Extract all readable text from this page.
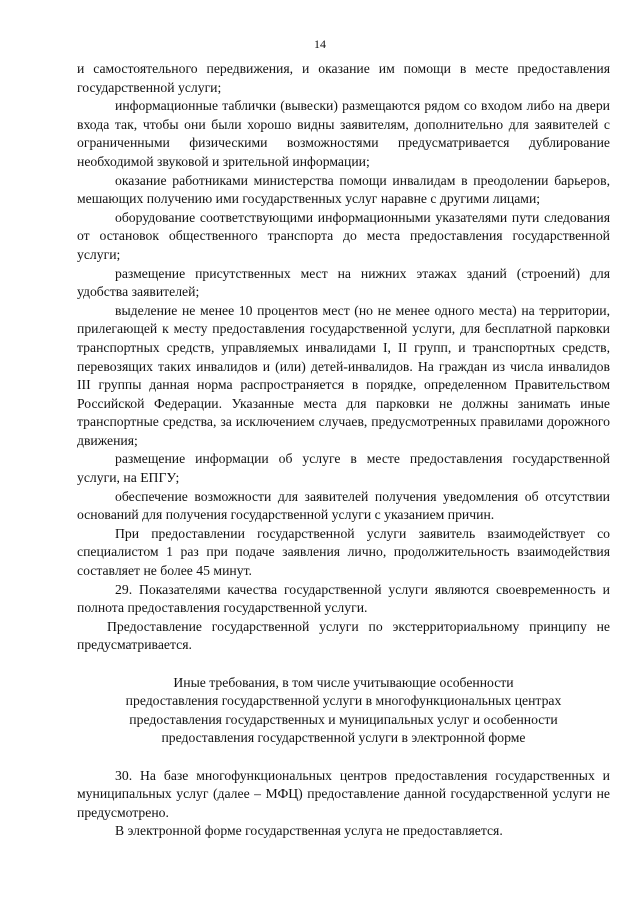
14

и самостоятельного передвижения, и оказание им помощи в месте предоставления государственной услуги;

информационные таблички (вывески) размещаются рядом со входом либо на двери входа так, чтобы они были хорошо видны заявителям, дополнительно для заявителей с ограниченными физическими возможностями предусматривается дублирование необходимой звуковой и зрительной информации;

оказание работниками министерства помощи инвалидам в преодолении барьеров, мешающих получению ими государственных услуг наравне с другими лицами;

оборудование соответствующими информационными указателями пути следования от остановок общественного транспорта до места предоставления государственной услуги;

размещение присутственных мест на нижних этажах зданий (строений) для удобства заявителей;

выделение не менее 10 процентов мест (но не менее одного места) на территории, прилегающей к месту предоставления государственной услуги, для бесплатной парковки транспортных средств, управляемых инвалидами I, II групп, и транспортных средств, перевозящих таких инвалидов и (или) детей-инвалидов. На граждан из числа инвалидов III группы данная норма распространяется в порядке, определенном Правительством Российской Федерации. Указанные места для парковки не должны занимать иные транспортные средства, за исключением случаев, предусмотренных правилами дорожного движения;

размещение информации об услуге в месте предоставления государственной услуги, на ЕПГУ;

обеспечение возможности для заявителей получения уведомления об отсутствии оснований для получения государственной услуги с указанием причин.

При предоставлении государственной услуги заявитель взаимодействует со специалистом 1 раз при подаче заявления лично, продолжительность взаимодействия составляет не более 45 минут.

29. Показателями качества государственной услуги являются своевременность и полнота предоставления государственной услуги.

Предоставление государственной услуги по экстерриториальному принципу не предусматривается.

Иные требования, в том числе учитывающие особенности

предоставления государственной услуги в многофункциональных центрах

предоставления государственных и муниципальных услуг и особенности

предоставления государственной услуги в электронной форме

30. На базе многофункциональных центров предоставления государственных и муниципальных услуг (далее – МФЦ) предоставление данной государственной услуги не предусмотрено.

В электронной форме государственная услуга не предоставляется.
